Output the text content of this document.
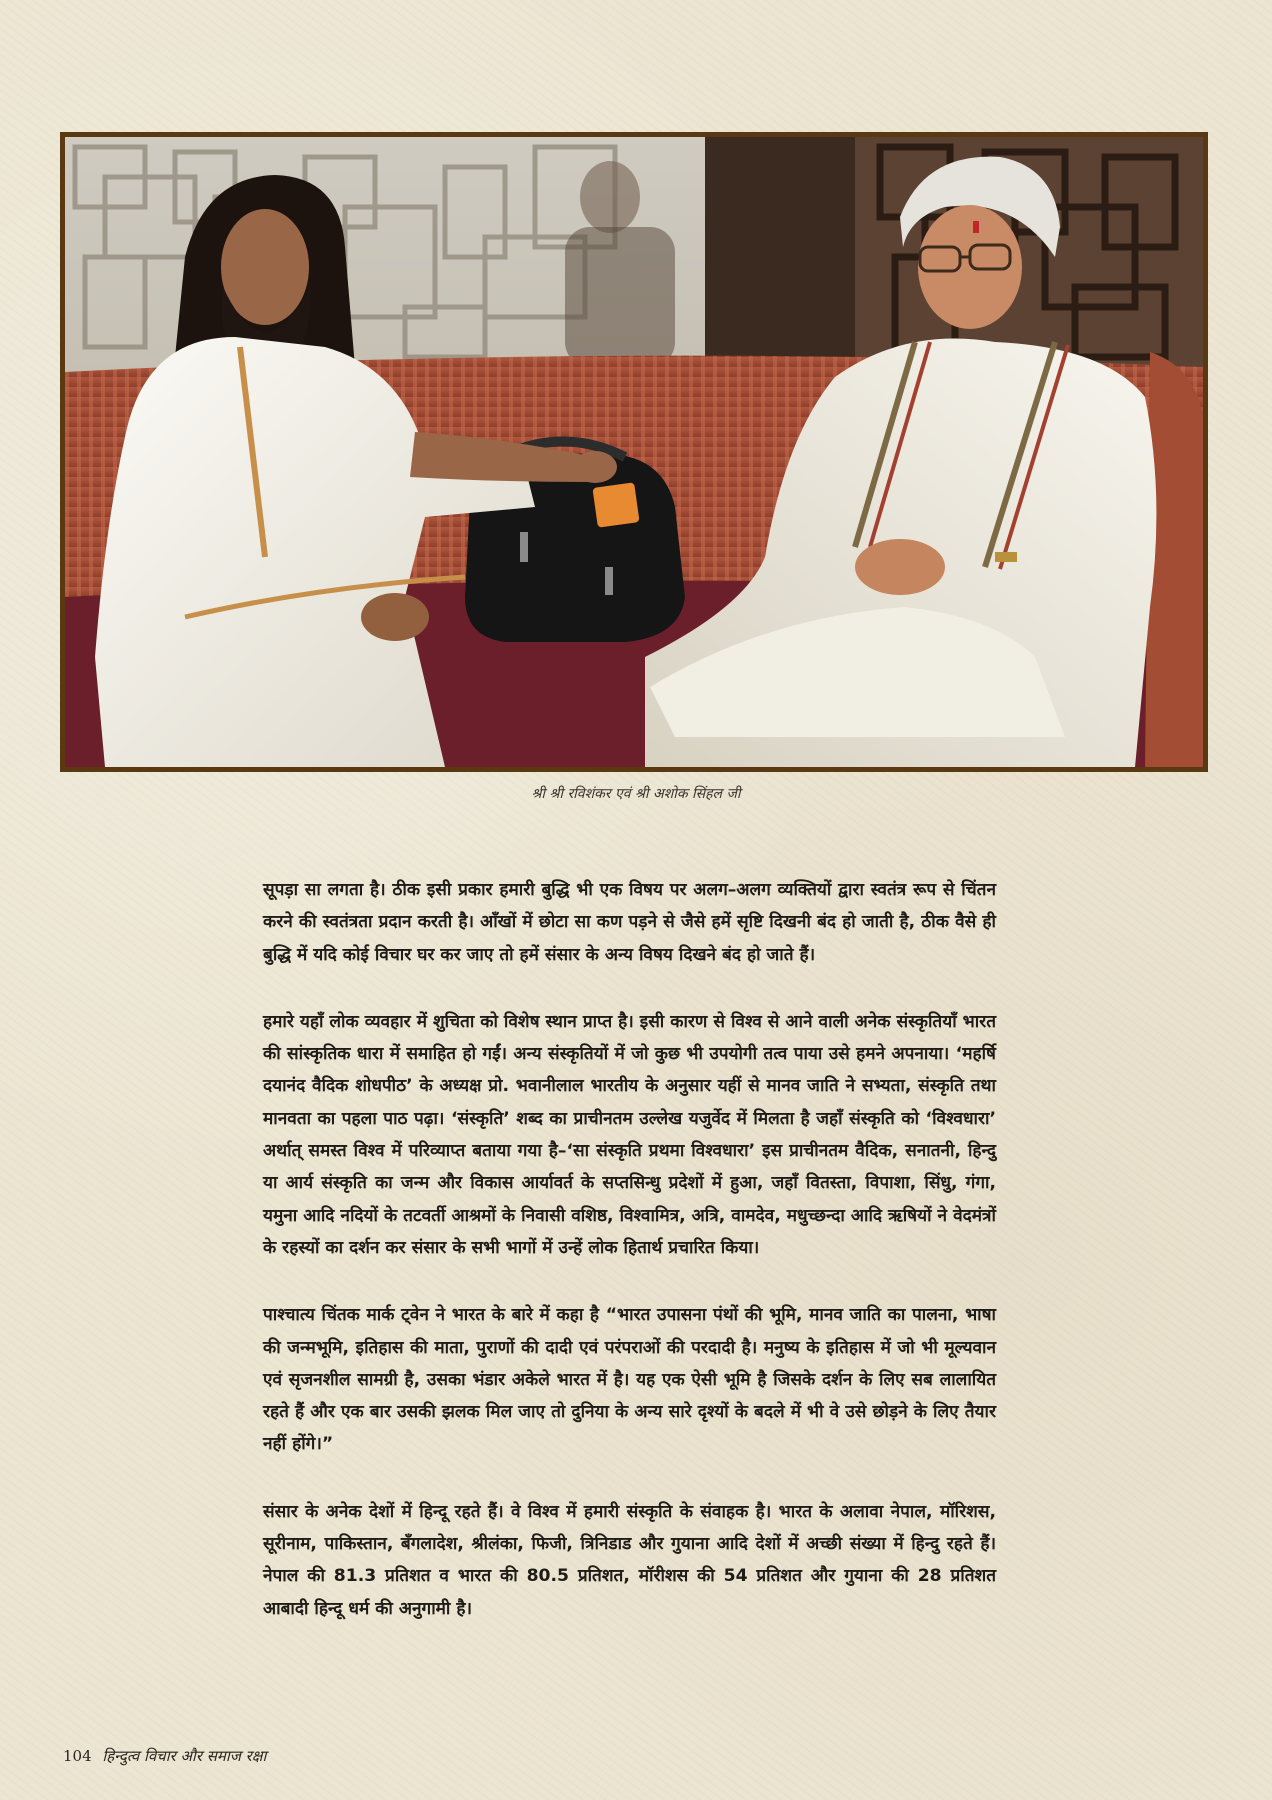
श्री श्री रविशंकर एवं श्री अशोक सिंहल जी

सूपड़ा सा लगता है। ठीक इसी प्रकार हमारी बुद्धि भी एक विषय पर अलग–अलग व्यक्तियों द्वारा स्वतंत्र रूप से चिंतन करने की स्वतंत्रता प्रदान करती है। आँखों में छोटा सा कण पड़ने से जैसे हमें सृष्टि दिखनी बंद हो जाती है, ठीक वैसे ही बुद्धि में यदि कोई विचार घर कर जाए तो हमें संसार के अन्य विषय दिखने बंद हो जाते हैं।

हमारे यहाँ लोक व्यवहार में शुचिता को विशेष स्थान प्राप्त है। इसी कारण से विश्व से आने वाली अनेक संस्कृतियाँ भारत की सांस्कृतिक धारा में समाहित हो गईं। अन्य संस्कृतियों में जो कुछ भी उपयोगी तत्व पाया उसे हमने अपनाया। ‘महर्षि दयानंद वैदिक शोधपीठ’ के अध्यक्ष प्रो. भवानीलाल भारतीय के अनुसार यहीं से मानव जाति ने सभ्यता, संस्कृति तथा मानवता का पहला पाठ पढ़ा। ‘संस्कृति’ शब्द का प्राचीनतम उल्लेख यजुर्वेद में मिलता है जहाँ संस्कृति को ‘विश्वधारा’ अर्थात् समस्त विश्व में परिव्याप्त बताया गया है–‘सा संस्कृति प्रथमा विश्वधारा’ इस प्राचीनतम वैदिक, सनातनी, हिन्दु या आर्य संस्कृति का जन्म और विकास आर्यावर्त के सप्तसिन्धु प्रदेशों में हुआ, जहाँ वितस्ता, विपाशा, सिंधु, गंगा, यमुना आदि नदियों के तटवर्ती आश्रमों के निवासी वशिष्ठ, विश्वामित्र, अत्रि, वामदेव, मधुच्छन्दा आदि ऋषियों ने वेदमंत्रों के रहस्यों का दर्शन कर संसार के सभी भागों में उन्हें लोक हितार्थ प्रचारित किया।

पाश्चात्य चिंतक मार्क ट्वेन ने भारत के बारे में कहा है “भारत उपासना पंथों की भूमि, मानव जाति का पालना, भाषा की जन्मभूमि, इतिहास की माता, पुराणों की दादी एवं परंपराओं की परदादी है। मनुष्य के इतिहास में जो भी मूल्यवान एवं सृजनशील सामग्री है, उसका भंडार अकेले भारत में है। यह एक ऐसी भूमि है जिसके दर्शन के लिए सब लालायित रहते हैं और एक बार उसकी झलक मिल जाए तो दुनिया के अन्य सारे दृश्यों के बदले में भी वे उसे छोड़ने के लिए तैयार नहीं होंगे।”

संसार के अनेक देशों में हिन्दू रहते हैं। वे विश्व में हमारी संस्कृति के संवाहक है। भारत के अलावा नेपाल, मॉरिशस, सूरीनाम, पाकिस्तान, बँगलादेश, श्रीलंका, फिजी, त्रिनिडाड और गुयाना आदि देशों में अच्छी संख्या में हिन्दु रहते हैं। नेपाल की 81.3 प्रतिशत व भारत की 80.5 प्रतिशत, मॉरीशस की 54 प्रतिशत और गुयाना की 28 प्रतिशत आबादी हिन्दू धर्म की अनुगामी है।

104 हिन्दुत्व विचार और समाज रक्षा
